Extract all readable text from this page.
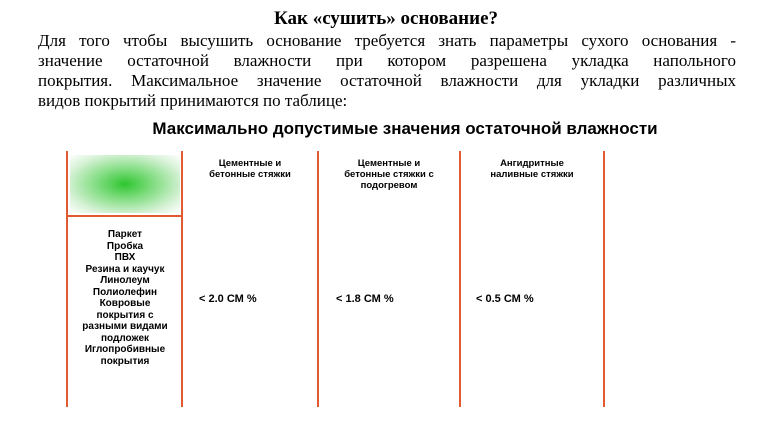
Как «сушить» основание?
Для того чтобы высушить основание требуется знать параметры сухого основания -
значение остаточной влажности при котором разрешена укладка напольного
покрытия. Максимальное значение остаточной влажности для укладки различных
видов покрытий принимаются по таблице:
Максимально допустимые значения остаточной влажности
Цементные и
бетонные стяжки
Цементные и
бетонные стяжки с
подогревом
Ангидритные
наливные стяжки
Паркет
Пробка
ПВХ
Резина и каучук
Линолеум
Полиолефин
Ковровые
покрытия с
разными видами
подложек
Иглопробивные
покрытия
< 2.0 СМ %	< 1.8 СМ %	< 0.5 СМ %
